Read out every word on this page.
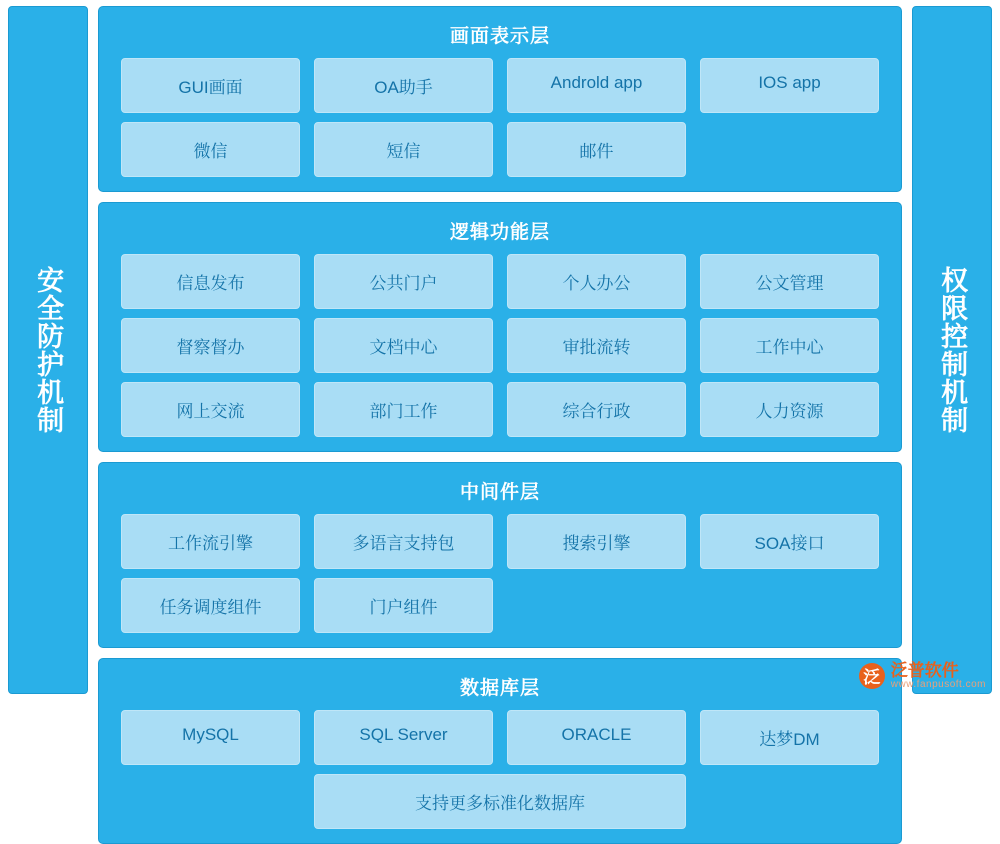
安全防护机制
画面表示层
GUI画面	OA助手	Androld app	IOS app
微信	短信	邮件
逻辑功能层
信息发布	公共门户	个人办公	公文管理
督察督办	文档中心	审批流转	工作中心
网上交流	部门工作	综合行政	人力资源
中间件层
工作流引擎	多语言支持包	搜索引擎	SOA接口
任务调度组件	门户组件
数据库层
MySQL	SQL Server	ORACLE	达梦DM
支持更多标准化数据库
权限控制机制
泛 泛普软件
www.fanpusoft.com
